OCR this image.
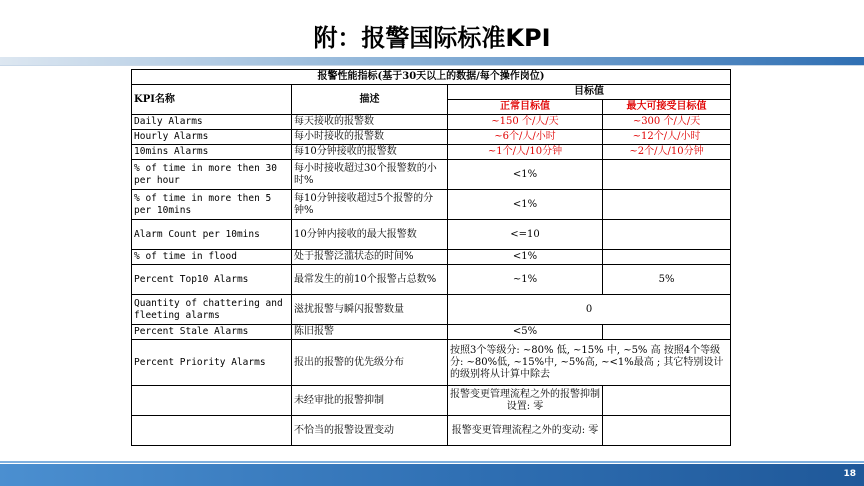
附：报警国际标准KPI
报警性能指标(基于30天以上的数据/每个操作岗位)			
KPI名称	描述	目标值	
		正常目标值	最大可接受目标值
Daily Alarms	每天接收的报警数	~150 个/人/天	~300 个/人/天
Hourly Alarms	每小时接收的报警数	~6个/人/小时	~12个/人/小时
10mins Alarms	每10分钟接收的报警数	~1个/人/10分钟	~2个/人/10分钟
% of time in more then 30 per hour	每小时接收超过30个报警数的小时%	<1%	
% of time in more then 5 per 10mins	每10分钟接收超过5个报警的分钟%	<1%	
Alarm Count per 10mins	10分钟内接收的最大报警数	<=10	
% of time in flood	处于报警泛滥状态的时间%	<1%	
Percent Top10 Alarms	最常发生的前10个报警占总数%	~1%	5%
Quantity of chattering and fleeting alarms	滋扰报警与瞬闪报警数量	0	
Percent Stale Alarms	陈旧报警	<5%	
Percent Priority Alarms	报出的报警的优先级分布	按照3个等级分: ~80% 低, ~15% 中, ~5% 高 按照4个等级分: ~80%低, ~15%中, ~5%高, ~<1%最高 ; 其它特别设计的级别将从计算中除去	
	未经审批的报警抑制	报警变更管理流程之外的报警抑制设置: 零	
	不恰当的报警设置变动	报警变更管理流程之外的变动: 零	
18
